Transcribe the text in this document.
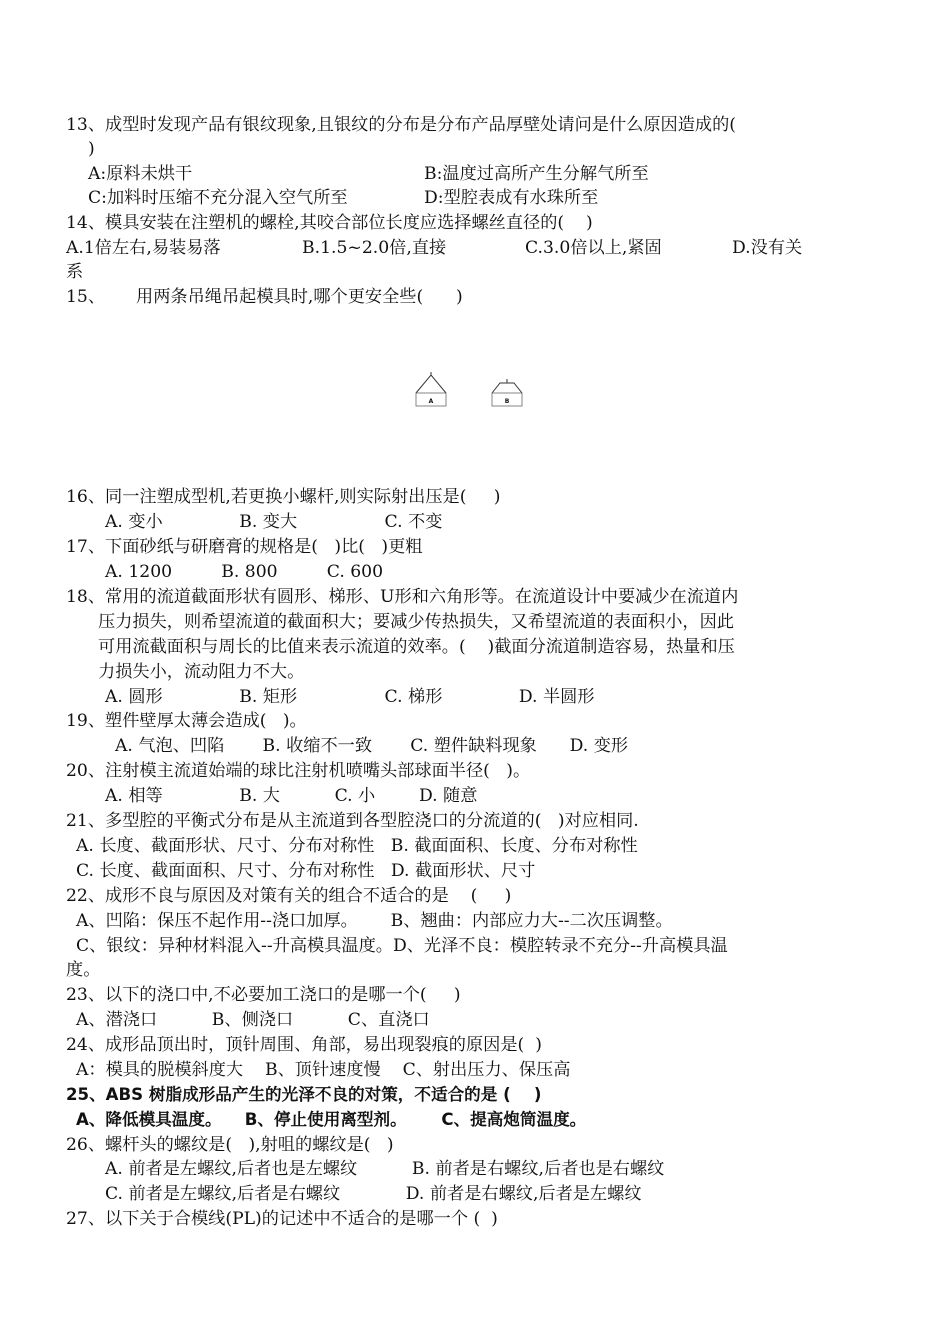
13、成型时发现产品有银纹现象,且银纹的分布是分布产品厚壁处请问是什么原因造成的(
)
A:原料未烘干	B:温度过高所产生分解气所至
C:加料时压缩不充分混入空气所至	D:型腔表成有水珠所至
14、模具安装在注塑机的螺栓,其咬合部位长度应选择螺丝直径的(    )
A.1倍左右,易装易落	B.1.5~2.0倍,直接	C.3.0倍以上,紧固	D.没有关
系
15、 用两条吊绳吊起模具时,哪个更安全些(      )
A	B
16、同一注塑成型机,若更换小螺杆,则实际射出压是(     )
A. 变小              B. 变大                C. 不变
17、下面砂纸与研磨膏的规格是(   )比(   )更粗
A. 1200         B. 800         C. 600
18、常用的流道截面形状有圆形、梯形、U形和六角形等。在流道设计中要减少在流道内
压力损失，则希望流道的截面积大；要减少传热损失，又希望流道的表面积小，因此
可用流截面积与周长的比值来表示流道的效率。(    )截面分流道制造容易，热量和压
力损失小，流动阻力不大。
A. 圆形              B. 矩形                C. 梯形              D. 半圆形
19、塑件壁厚太薄会造成(   )。
A. 气泡、凹陷       B. 收缩不一致       C. 塑件缺料现象      D. 变形
20、注射模主流道始端的球比注射机喷嘴头部球面半径(   )。
A. 相等              B. 大          C. 小        D. 随意
21、多型腔的平衡式分布是从主流道到各型腔浇口的分流道的(   )对应相同.
A. 长度、截面形状、尺寸、分布对称性   B. 截面面积、长度、分布对称性
C. 长度、截面面积、尺寸、分布对称性   D. 截面形状、尺寸
22、成形不良与原因及对策有关的组合不适合的是    (     )
A、凹陷：保压不起作用--浇口加厚。      B、翘曲：内部应力大--二次压调整。
C、银纹：异种材料混入--升高模具温度。D、光泽不良：模腔转录不充分--升高模具温
度。
23、以下的浇口中,不必要加工浇口的是哪一个(     )
A、潜浇口          B、侧浇口          C、直浇口
24、成形品顶出时，顶针周围、角部，易出现裂痕的原因是(  )
A：模具的脱模斜度大    B、顶针速度慢    C、射出压力、保压高
25、ABS 树脂成形品产生的光泽不良的对策，不适合的是 (    )
A、降低模具温度。    B、停止使用离型剂。      C、提高炮筒温度。
26、螺杆头的螺纹是(   ),射咀的螺纹是(   )
A. 前者是左螺纹,后者也是左螺纹          B. 前者是右螺纹,后者也是右螺纹
C. 前者是左螺纹,后者是右螺纹            D. 前者是右螺纹,后者是左螺纹
27、以下关于合模线(PL)的记述中不适合的是哪一个 (  )
